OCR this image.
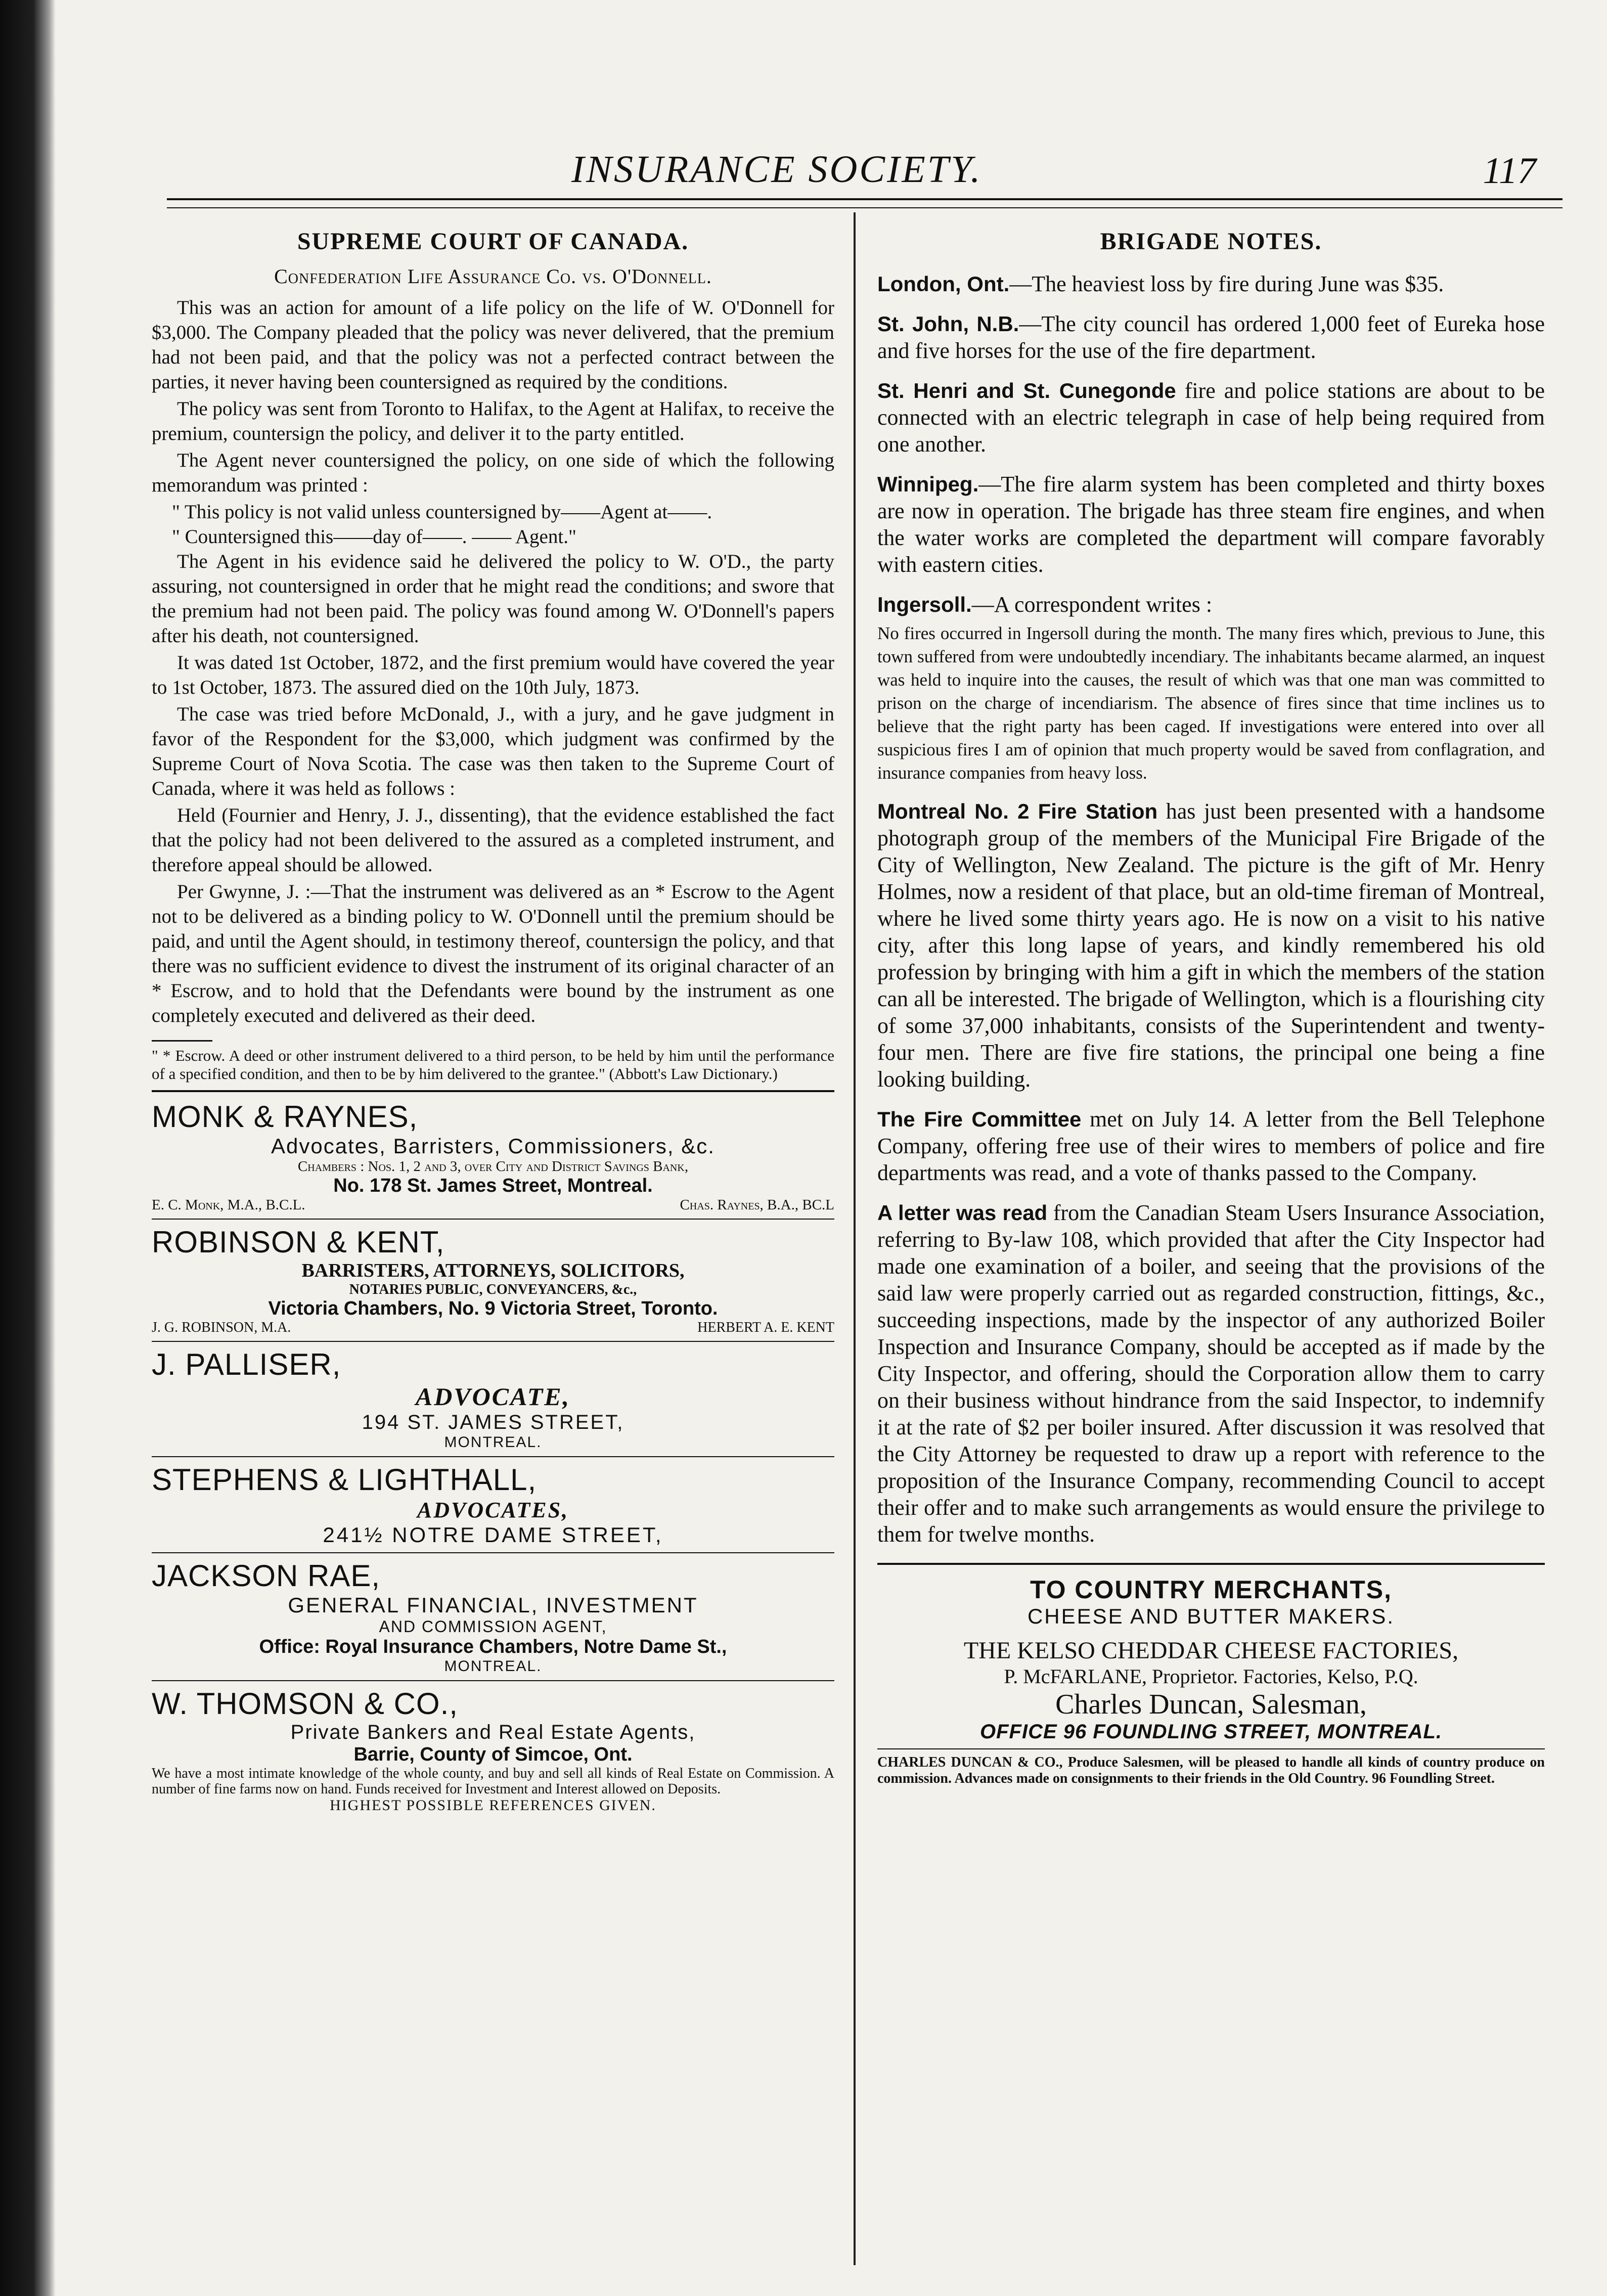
INSURANCE SOCIETY.	117
SUPREME COURT OF CANADA.
Confederation Life Assurance Co. vs. O'Donnell.

This was an action for amount of a life policy on the life of W. O'Donnell for $3,000. The Company pleaded that the policy was never delivered, that the premium had not been paid, and that the policy was not a perfected contract between the parties, it never having been countersigned as required by the conditions.

The policy was sent from Toronto to Halifax, to the Agent at Halifax, to receive the premium, countersign the policy, and deliver it to the party entitled.

The Agent never countersigned the policy, on one side of which the following memorandum was printed :

" This policy is not valid unless countersigned by——Agent at——.
" Countersigned this——day of——. —— Agent."

The Agent in his evidence said he delivered the policy to W. O'D., the party assuring, not countersigned in order that he might read the conditions; and swore that the premium had not been paid. The policy was found among W. O'Donnell's papers after his death, not countersigned.

It was dated 1st October, 1872, and the first premium would have covered the year to 1st October, 1873. The assured died on the 10th July, 1873.

The case was tried before McDonald, J., with a jury, and he gave judgment in favor of the Respondent for the $3,000, which judgment was confirmed by the Supreme Court of Nova Scotia. The case was then taken to the Supreme Court of Canada, where it was held as follows :

Held (Fournier and Henry, J. J., dissenting), that the evidence established the fact that the policy had not been delivered to the assured as a completed instrument, and therefore appeal should be allowed.

Per Gwynne, J. :—That the instrument was delivered as an * Escrow to the Agent not to be delivered as a binding policy to W. O'Donnell until the premium should be paid, and until the Agent should, in testimony thereof, countersign the policy, and that there was no sufficient evidence to divest the instrument of its original character of an * Escrow, and to hold that the Defendants were bound by the instrument as one completely executed and delivered as their deed.

" * Escrow. A deed or other instrument delivered to a third person, to be held by him until the performance of a specified condition, and then to be by him delivered to the grantee." (Abbott's Law Dictionary.)
MONK & RAYNES,
Advocates, Barristers, Commissioners, &c.
Chambers : Nos. 1, 2 and 3, over City and District Savings Bank,
No. 178 St. James Street, Montreal.
E. C. Monk, M.A., B.C.L.	Chas. Raynes, B.A., BC.L
ROBINSON & KENT,
BARRISTERS, ATTORNEYS, SOLICITORS,
NOTARIES PUBLIC, CONVEYANCERS, &c.,
Victoria Chambers, No. 9 Victoria Street, Toronto.
J. G. ROBINSON, M.A.	HERBERT A. E. KENT
J. PALLISER,
ADVOCATE,
194 ST. JAMES STREET,
MONTREAL.
STEPHENS & LIGHTHALL,
ADVOCATES,
241½ NOTRE DAME STREET,
JACKSON RAE,
GENERAL FINANCIAL, INVESTMENT
AND COMMISSION AGENT,
Office: Royal Insurance Chambers, Notre Dame St.,
MONTREAL.
W. THOMSON & CO.,
Private Bankers and Real Estate Agents,
Barrie, County of Simcoe, Ont.
We have a most intimate knowledge of the whole county, and buy and sell all kinds of Real Estate on Commission. A number of fine farms now on hand. Funds received for Investment and Interest allowed on Deposits.
HIGHEST POSSIBLE REFERENCES GIVEN.
BRIGADE NOTES.

London, Ont.—The heaviest loss by fire during June was $35.

St. John, N.B.—The city council has ordered 1,000 feet of Eureka hose and five horses for the use of the fire department.

St. Henri and St. Cunegonde fire and police stations are about to be connected with an electric telegraph in case of help being required from one another.

Winnipeg.—The fire alarm system has been completed and thirty boxes are now in operation. The brigade has three steam fire engines, and when the water works are completed the department will compare favorably with eastern cities.

Ingersoll.—A correspondent writes :

No fires occurred in Ingersoll during the month. The many fires which, previous to June, this town suffered from were undoubtedly incendiary. The inhabitants became alarmed, an inquest was held to inquire into the causes, the result of which was that one man was committed to prison on the charge of incendiarism. The absence of fires since that time inclines us to believe that the right party has been caged. If investigations were entered into over all suspicious fires I am of opinion that much property would be saved from conflagration, and insurance companies from heavy loss.

Montreal No. 2 Fire Station has just been presented with a handsome photograph group of the members of the Municipal Fire Brigade of the City of Wellington, New Zealand. The picture is the gift of Mr. Henry Holmes, now a resident of that place, but an old-time fireman of Montreal, where he lived some thirty years ago. He is now on a visit to his native city, after this long lapse of years, and kindly remembered his old profession by bringing with him a gift in which the members of the station can all be interested. The brigade of Wellington, which is a flourishing city of some 37,000 inhabitants, consists of the Superintendent and twenty-four men. There are five fire stations, the principal one being a fine looking building.

The Fire Committee met on July 14. A letter from the Bell Telephone Company, offering free use of their wires to members of police and fire departments was read, and a vote of thanks passed to the Company.

A letter was read from the Canadian Steam Users Insurance Association, referring to By-law 108, which provided that after the City Inspector had made one examination of a boiler, and seeing that the provisions of the said law were properly carried out as regarded construction, fittings, &c., succeeding inspections, made by the inspector of any authorized Boiler Inspection and Insurance Company, should be accepted as if made by the City Inspector, and offering, should the Corporation allow them to carry on their business without hindrance from the said Inspector, to indemnify it at the rate of $2 per boiler insured. After discussion it was resolved that the City Attorney be requested to draw up a report with reference to the proposition of the Insurance Company, recommending Council to accept their offer and to make such arrangements as would ensure the privilege to them for twelve months.

TO COUNTRY MERCHANTS,
CHEESE AND BUTTER MAKERS.
THE KELSO CHEDDAR CHEESE FACTORIES,
P. McFARLANE, Proprietor. Factories, Kelso, P.Q.
Charles Duncan, Salesman,
OFFICE 96 FOUNDLING STREET, MONTREAL.
CHARLES DUNCAN & CO., Produce Salesmen, will be pleased to handle all kinds of country produce on commission. Advances made on consignments to their friends in the Old Country. 96 Foundling Street.
